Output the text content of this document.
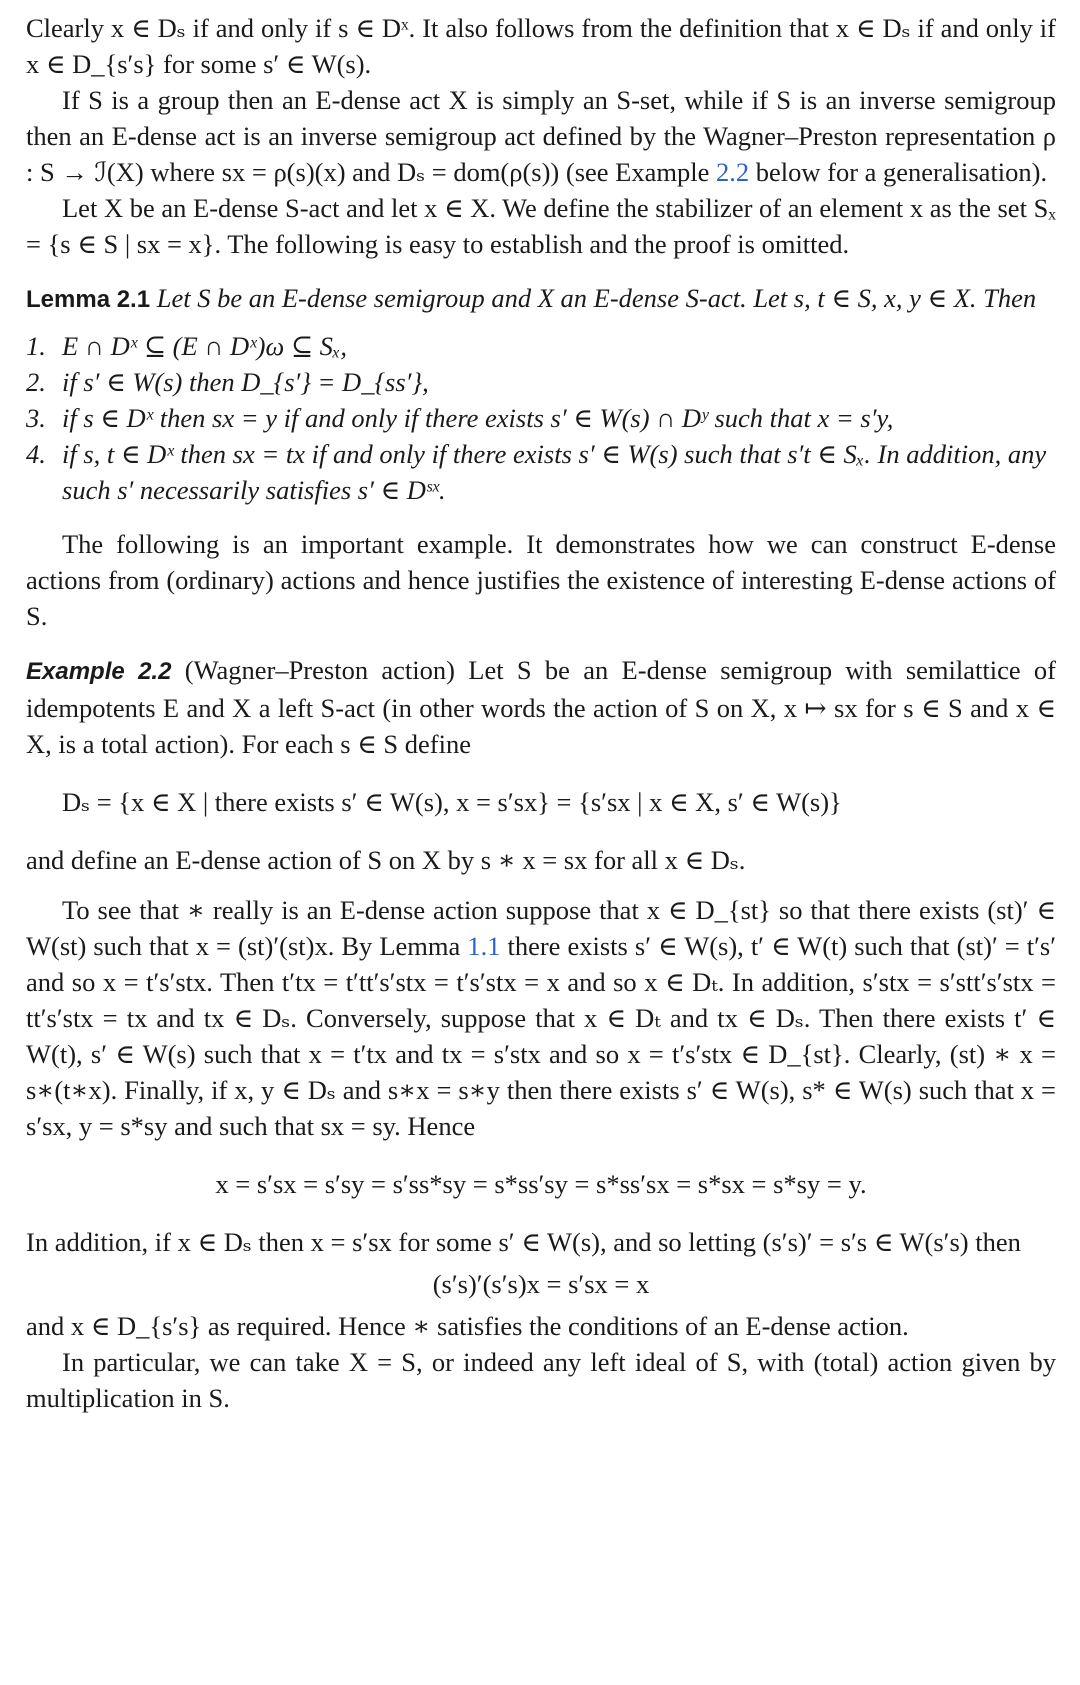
Clearly x ∈ Dₛ if and only if s ∈ Dˣ. It also follows from the definition that x ∈ Dₛ if and only if x ∈ D_{s′s} for some s′ ∈ W(s).

If S is a group then an E-dense act X is simply an S-set, while if S is an inverse semigroup then an E-dense act is an inverse semigroup act defined by the Wagner–Preston representation ρ : S → ℐ(X) where sx = ρ(s)(x) and Dₛ = dom(ρ(s)) (see Example 2.2 below for a generalisation).

Let X be an E-dense S-act and let x ∈ X. We define the stabilizer of an element x as the set Sₓ = {s ∈ S | sx = x}. The following is easy to establish and the proof is omitted.

Lemma 2.1 Let S be an E-dense semigroup and X an E-dense S-act. Let s, t ∈ S, x, y ∈ X. Then

1. E ∩ Dˣ ⊆ (E ∩ Dˣ)ω ⊆ Sₓ,
2. if s′ ∈ W(s) then D_{s′} = D_{ss′},
3. if s ∈ Dˣ then sx = y if and only if there exists s′ ∈ W(s) ∩ Dʸ such that x = s′y,
4. if s, t ∈ Dˣ then sx = tx if and only if there exists s′ ∈ W(s) such that s′t ∈ Sₓ. In addition, any such s′ necessarily satisfies s′ ∈ Dˢˣ.

The following is an important example. It demonstrates how we can construct E-dense actions from (ordinary) actions and hence justifies the existence of interesting E-dense actions of S.

Example 2.2 (Wagner–Preston action) Let S be an E-dense semigroup with semilattice of idempotents E and X a left S-act (in other words the action of S on X, x ↦ sx for s ∈ S and x ∈ X, is a total action). For each s ∈ S define

Dₛ = {x ∈ X | there exists s′ ∈ W(s), x = s′sx} = {s′sx | x ∈ X, s′ ∈ W(s)}

and define an E-dense action of S on X by s ∗ x = sx for all x ∈ Dₛ.

To see that ∗ really is an E-dense action suppose that x ∈ D_{st} so that there exists (st)′ ∈ W(st) such that x = (st)′(st)x. By Lemma 1.1 there exists s′ ∈ W(s), t′ ∈ W(t) such that (st)′ = t′s′ and so x = t′s′stx. Then t′tx = t′tt′s′stx = t′s′stx = x and so x ∈ Dₜ. In addition, s′stx = s′stt′s′stx = tt′s′stx = tx and tx ∈ Dₛ. Conversely, suppose that x ∈ Dₜ and tx ∈ Dₛ. Then there exists t′ ∈ W(t), s′ ∈ W(s) such that x = t′tx and tx = s′stx and so x = t′s′stx ∈ D_{st}. Clearly, (st) ∗ x = s∗(t∗x). Finally, if x, y ∈ Dₛ and s∗x = s∗y then there exists s′ ∈ W(s), s* ∈ W(s) such that x = s′sx, y = s*sy and such that sx = sy. Hence

x = s′sx = s′sy = s′ss*sy = s*ss′sy = s*ss′sx = s*sx = s*sy = y.

In addition, if x ∈ Dₛ then x = s′sx for some s′ ∈ W(s), and so letting (s′s)′ = s′s ∈ W(s′s) then

(s′s)′(s′s)x = s′sx = x

and x ∈ D_{s′s} as required. Hence ∗ satisfies the conditions of an E-dense action.

In particular, we can take X = S, or indeed any left ideal of S, with (total) action given by multiplication in S.
